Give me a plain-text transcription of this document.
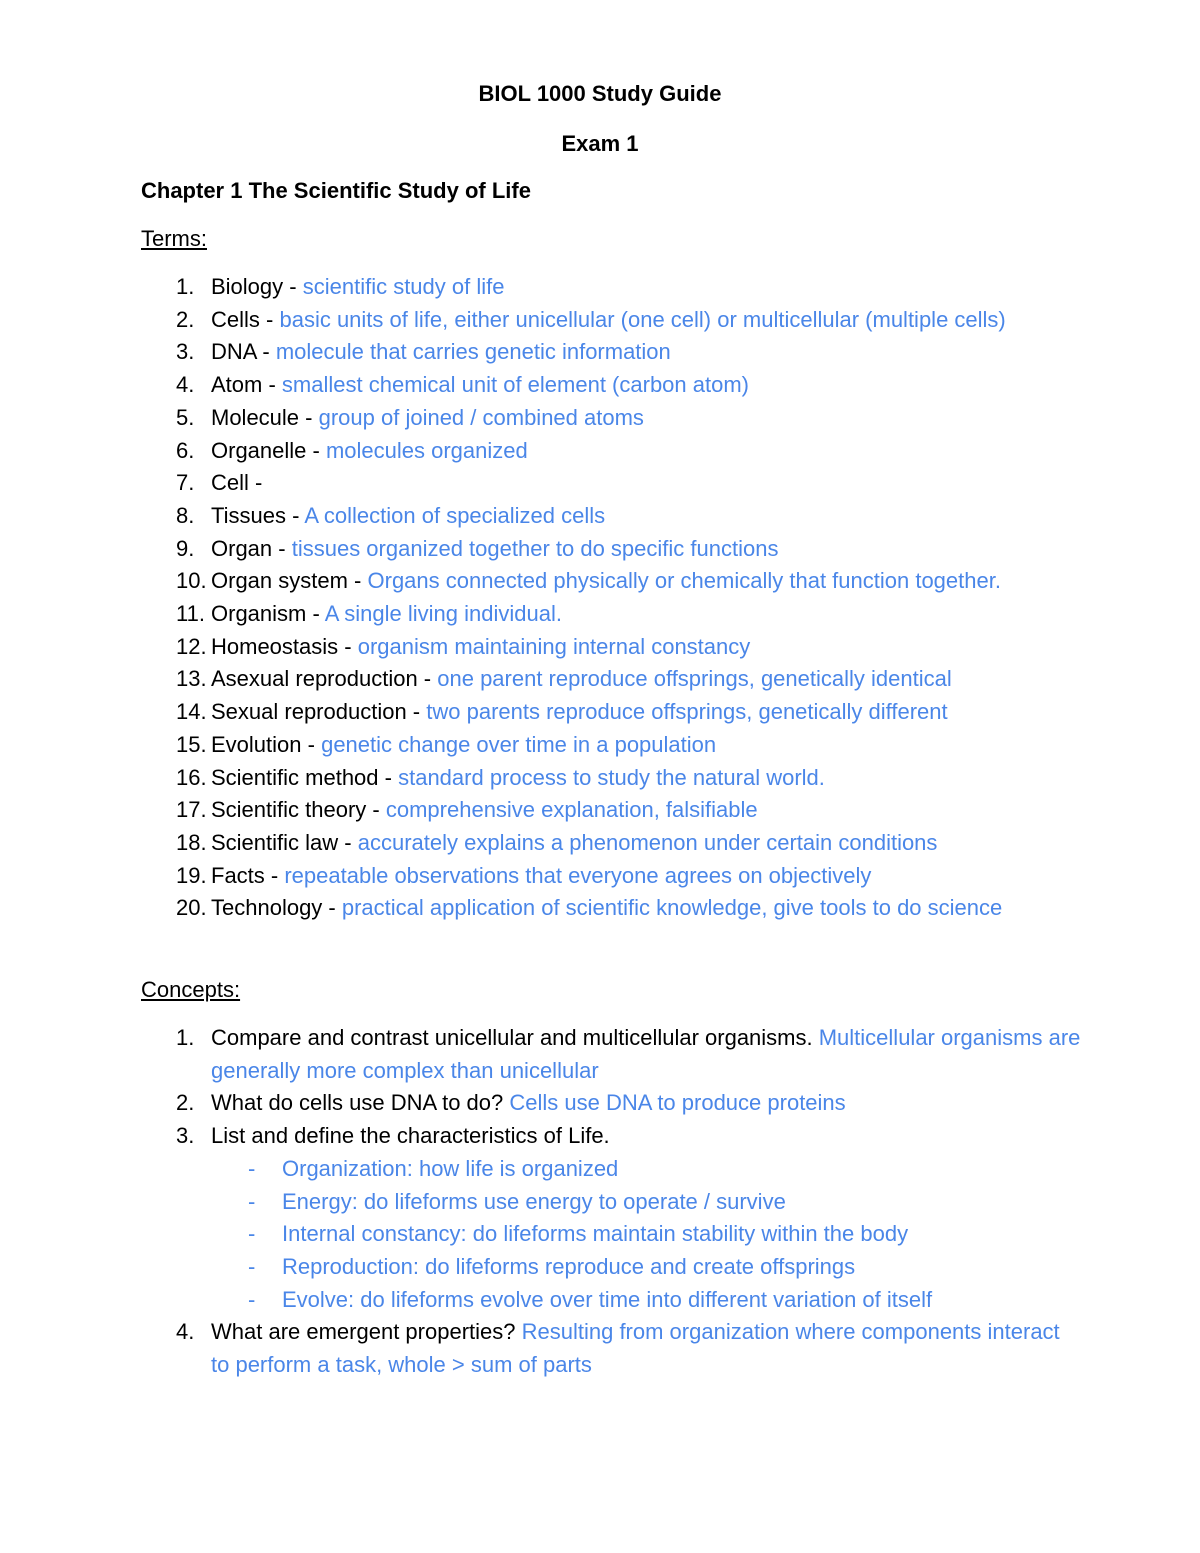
BIOL 1000 Study Guide
Exam 1
Chapter 1 The Scientific Study of Life
Terms:
1. Biology - scientific study of life
2. Cells - basic units of life, either unicellular (one cell) or multicellular (multiple cells)
3. DNA - molecule that carries genetic information
4. Atom - smallest chemical unit of element (carbon atom)
5. Molecule - group of joined / combined atoms
6. Organelle - molecules organized
7. Cell -
8. Tissues - A collection of specialized cells
9. Organ - tissues organized together to do specific functions
10. Organ system - Organs connected physically or chemically that function together.
11. Organism - A single living individual.
12. Homeostasis - organism maintaining internal constancy
13. Asexual reproduction - one parent reproduce offsprings, genetically identical
14. Sexual reproduction - two parents reproduce offsprings, genetically different
15. Evolution - genetic change over time in a population
16. Scientific method - standard process to study the natural world.
17. Scientific theory - comprehensive explanation, falsifiable
18. Scientific law - accurately explains a phenomenon under certain conditions
19. Facts - repeatable observations that everyone agrees on objectively
20. Technology - practical application of scientific knowledge, give tools to do science
Concepts:
1. Compare and contrast unicellular and multicellular organisms. Multicellular organisms are generally more complex than unicellular
2. What do cells use DNA to do? Cells use DNA to produce proteins
3. List and define the characteristics of Life.
- Organization: how life is organized
- Energy: do lifeforms use energy to operate / survive
- Internal constancy: do lifeforms maintain stability within the body
- Reproduction: do lifeforms reproduce and create offsprings
- Evolve: do lifeforms evolve over time into different variation of itself
4. What are emergent properties? Resulting from organization where components interact to perform a task, whole > sum of parts
